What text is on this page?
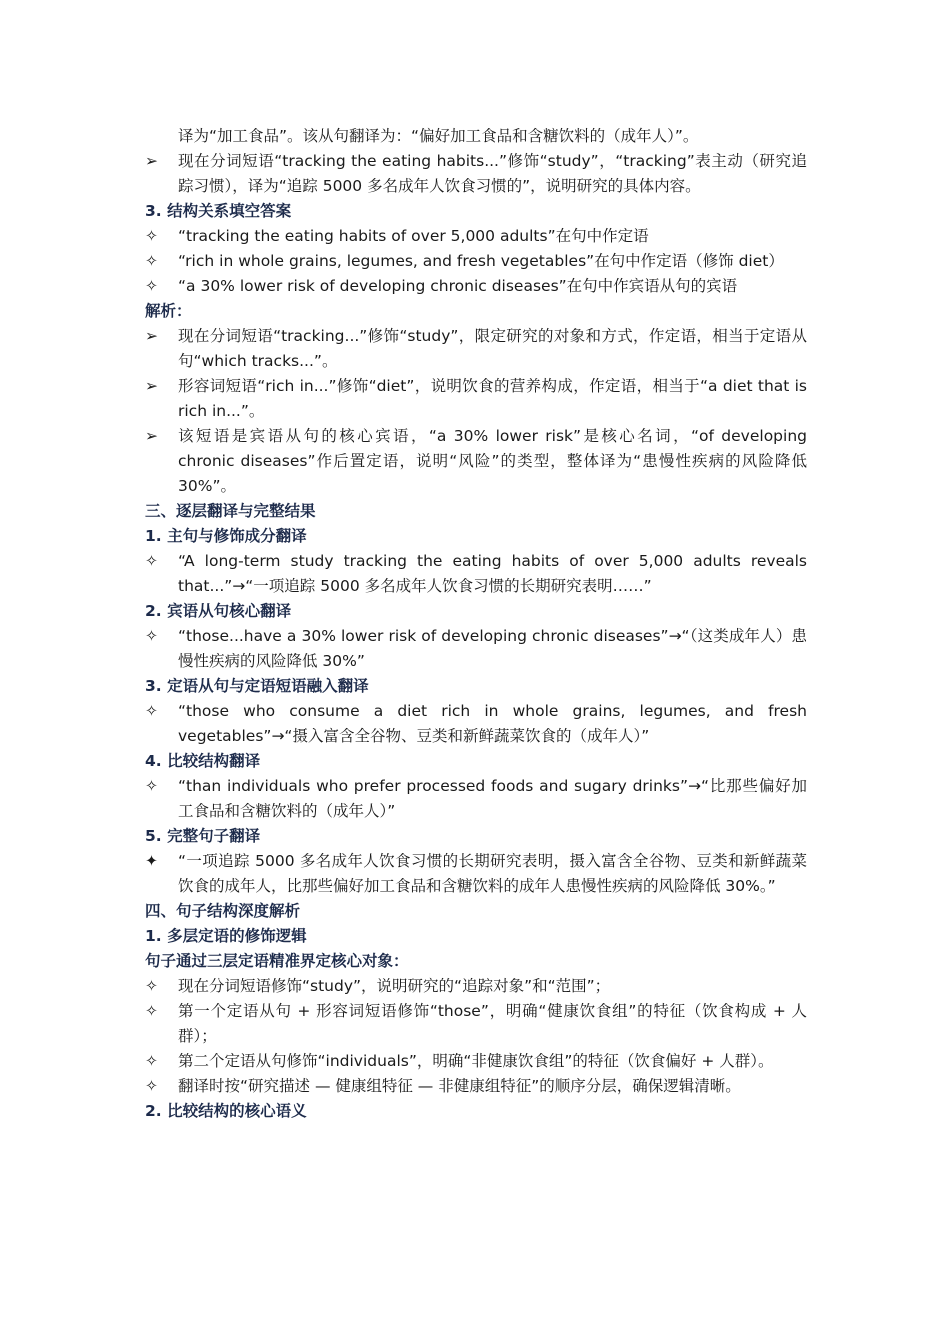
译为“加工食品”。该从句翻译为：“偏好加工食品和含糖饮料的（成年人）”。
➢	现在分词短语“tracking the eating habits...”修饰“study”，“tracking”表主动（研究追踪习惯），译为“追踪 5000 多名成年人饮食习惯的”，说明研究的具体内容。
3. 结构关系填空答案
✧	“tracking the eating habits of over 5,000 adults”在句中作定语
✧	“rich in whole grains, legumes, and fresh vegetables”在句中作定语（修饰 diet）
✧	“a 30% lower risk of developing chronic diseases”在句中作宾语从句的宾语
解析：
➢	现在分词短语“tracking...”修饰“study”，限定研究的对象和方式，作定语，相当于定语从句“which tracks...”。
➢	形容词短语“rich in...”修饰“diet”，说明饮食的营养构成，作定语，相当于“a diet that is rich in...”。
➢	该短语是宾语从句的核心宾语，“a 30% lower risk”是核心名词，“of developing chronic diseases”作后置定语，说明“风险”的类型，整体译为“患慢性疾病的风险降低 30%”。
三、逐层翻译与完整结果
1. 主句与修饰成分翻译
✧	“A long-term study tracking the eating habits of over 5,000 adults reveals that...”→“一项追踪 5000 多名成年人饮食习惯的长期研究表明……”
2. 宾语从句核心翻译
✧	“those...have a 30% lower risk of developing chronic diseases”→“（这类成年人）患慢性疾病的风险降低 30%”
3. 定语从句与定语短语融入翻译
✧	“those who consume a diet rich in whole grains, legumes, and fresh vegetables”→“摄入富含全谷物、豆类和新鲜蔬菜饮食的（成年人）”
4. 比较结构翻译
✧	“than individuals who prefer processed foods and sugary drinks”→“比那些偏好加工食品和含糖饮料的（成年人）”
5. 完整句子翻译
✦	“一项追踪 5000 多名成年人饮食习惯的长期研究表明，摄入富含全谷物、豆类和新鲜蔬菜饮食的成年人，比那些偏好加工食品和含糖饮料的成年人患慢性疾病的风险降低 30%。”
四、句子结构深度解析
1. 多层定语的修饰逻辑
句子通过三层定语精准界定核心对象：
✧	现在分词短语修饰“study”，说明研究的“追踪对象”和“范围”；
✧	第一个定语从句 + 形容词短语修饰“those”，明确“健康饮食组”的特征（饮食构成 + 人群）；
✧	第二个定语从句修饰“individuals”，明确“非健康饮食组”的特征（饮食偏好 + 人群）。
✧	翻译时按“研究描述 — 健康组特征 — 非健康组特征”的顺序分层，确保逻辑清晰。
2. 比较结构的核心语义
